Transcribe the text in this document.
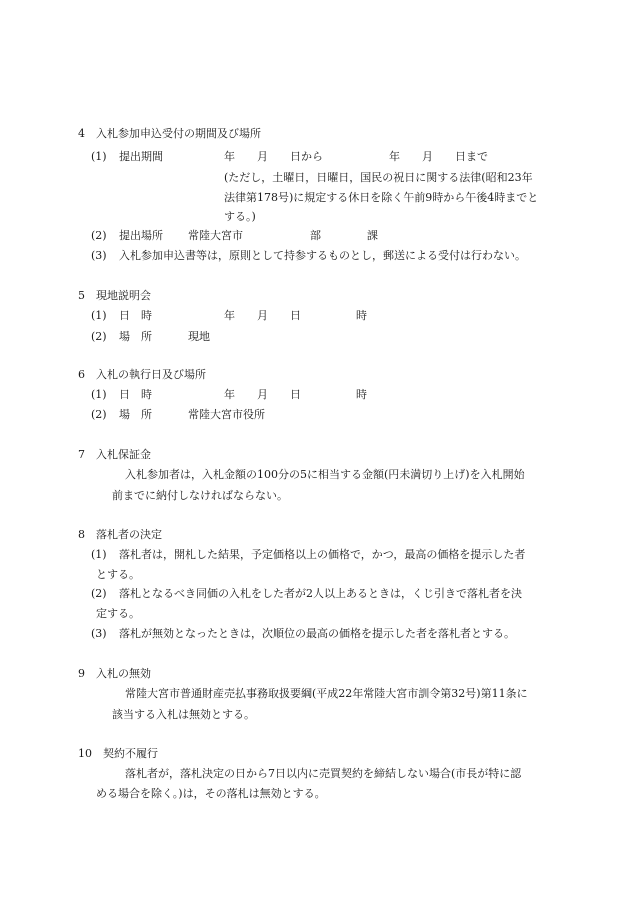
4　入札参加申込受付の期間及び場所
(1) 提出期間	年　　月　　日から　　　　　　年　　月　　日まで
(ただし，土曜日，日曜日，国民の祝日に関する法律(昭和23年
法律第178号)に規定する休日を除く午前9時から午後4時までと
する。)
(2) 提出場所 常陸大宮市	部	課
(3) 入札参加申込書等は，原則として持参するものとし，郵送による受付は行わない。
5　現地説明会
(1) 日　時	年　　月　　日　　　　　時
(2) 場　所	現地
6　入札の執行日及び場所
(1) 日　時	年　　月　　日　　　　　時
(2) 場　所	常陸大宮市役所
7　入札保証金
入札参加者は，入札金額の100分の5に相当する金額(円未満切り上げ)を入札開始
前までに納付しなければならない。
8　落札者の決定
(1) 落札者は，開札した結果，予定価格以上の価格で，かつ，最高の価格を提示した者
とする。
(2) 落札となるべき同価の入札をした者が2人以上あるときは，くじ引きで落札者を決
定する。
(3) 落札が無効となったときは，次順位の最高の価格を提示した者を落札者とする。
9　入札の無効
常陸大宮市普通財産売払事務取扱要綱(平成22年常陸大宮市訓令第32号)第11条に
該当する入札は無効とする。
10　契約不履行
落札者が，落札決定の日から7日以内に売買契約を締結しない場合(市長が特に認
める場合を除く。)は，その落札は無効とする。
